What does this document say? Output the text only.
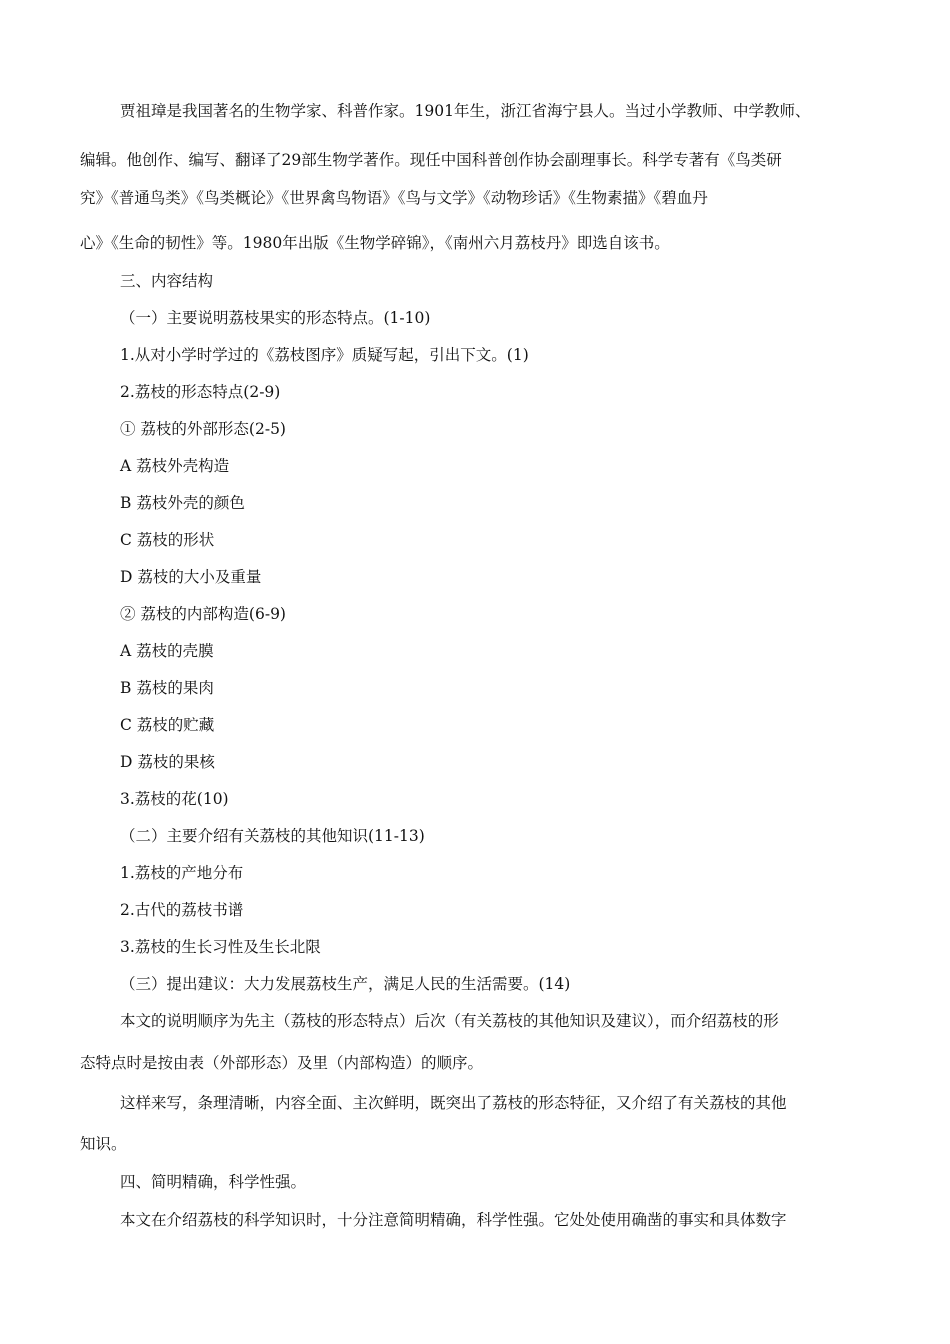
贾祖璋是我国著名的生物学家、科普作家。1901年生，浙江省海宁县人。当过小学教师、中学教师、
编辑。他创作、编写、翻译了29部生物学著作。现任中国科普创作协会副理事长。科学专著有《鸟类研
究》《普通鸟类》《鸟类概论》《世界禽鸟物语》《鸟与文学》《动物珍话》《生物素描》《碧血丹
心》《生命的韧性》等。1980年出版《生物学碎锦》，《南州六月荔枝丹》即选自该书。
三、内容结构
（一）主要说明荔枝果实的形态特点。(1-10)
1.从对小学时学过的《荔枝图序》质疑写起，引出下文。(1)
2.荔枝的形态特点(2-9)
① 荔枝的外部形态(2-5)
A 荔枝外壳构造
B 荔枝外壳的颜色
C 荔枝的形状
D 荔枝的大小及重量
② 荔枝的内部构造(6-9)
A 荔枝的壳膜
B 荔枝的果肉
C 荔枝的贮藏
D 荔枝的果核
3.荔枝的花(10)
（二）主要介绍有关荔枝的其他知识(11-13)
1.荔枝的产地分布
2.古代的荔枝书谱
3.荔枝的生长习性及生长北限
（三）提出建议：大力发展荔枝生产，满足人民的生活需要。(14)
本文的说明顺序为先主（荔枝的形态特点）后次（有关荔枝的其他知识及建议），而介绍荔枝的形
态特点时是按由表（外部形态）及里（内部构造）的顺序。
这样来写，条理清晰，内容全面、主次鲜明，既突出了荔枝的形态特征，又介绍了有关荔枝的其他
知识。
四、简明精确，科学性强。
本文在介绍荔枝的科学知识时，十分注意简明精确，科学性强。它处处使用确凿的事实和具体数字
